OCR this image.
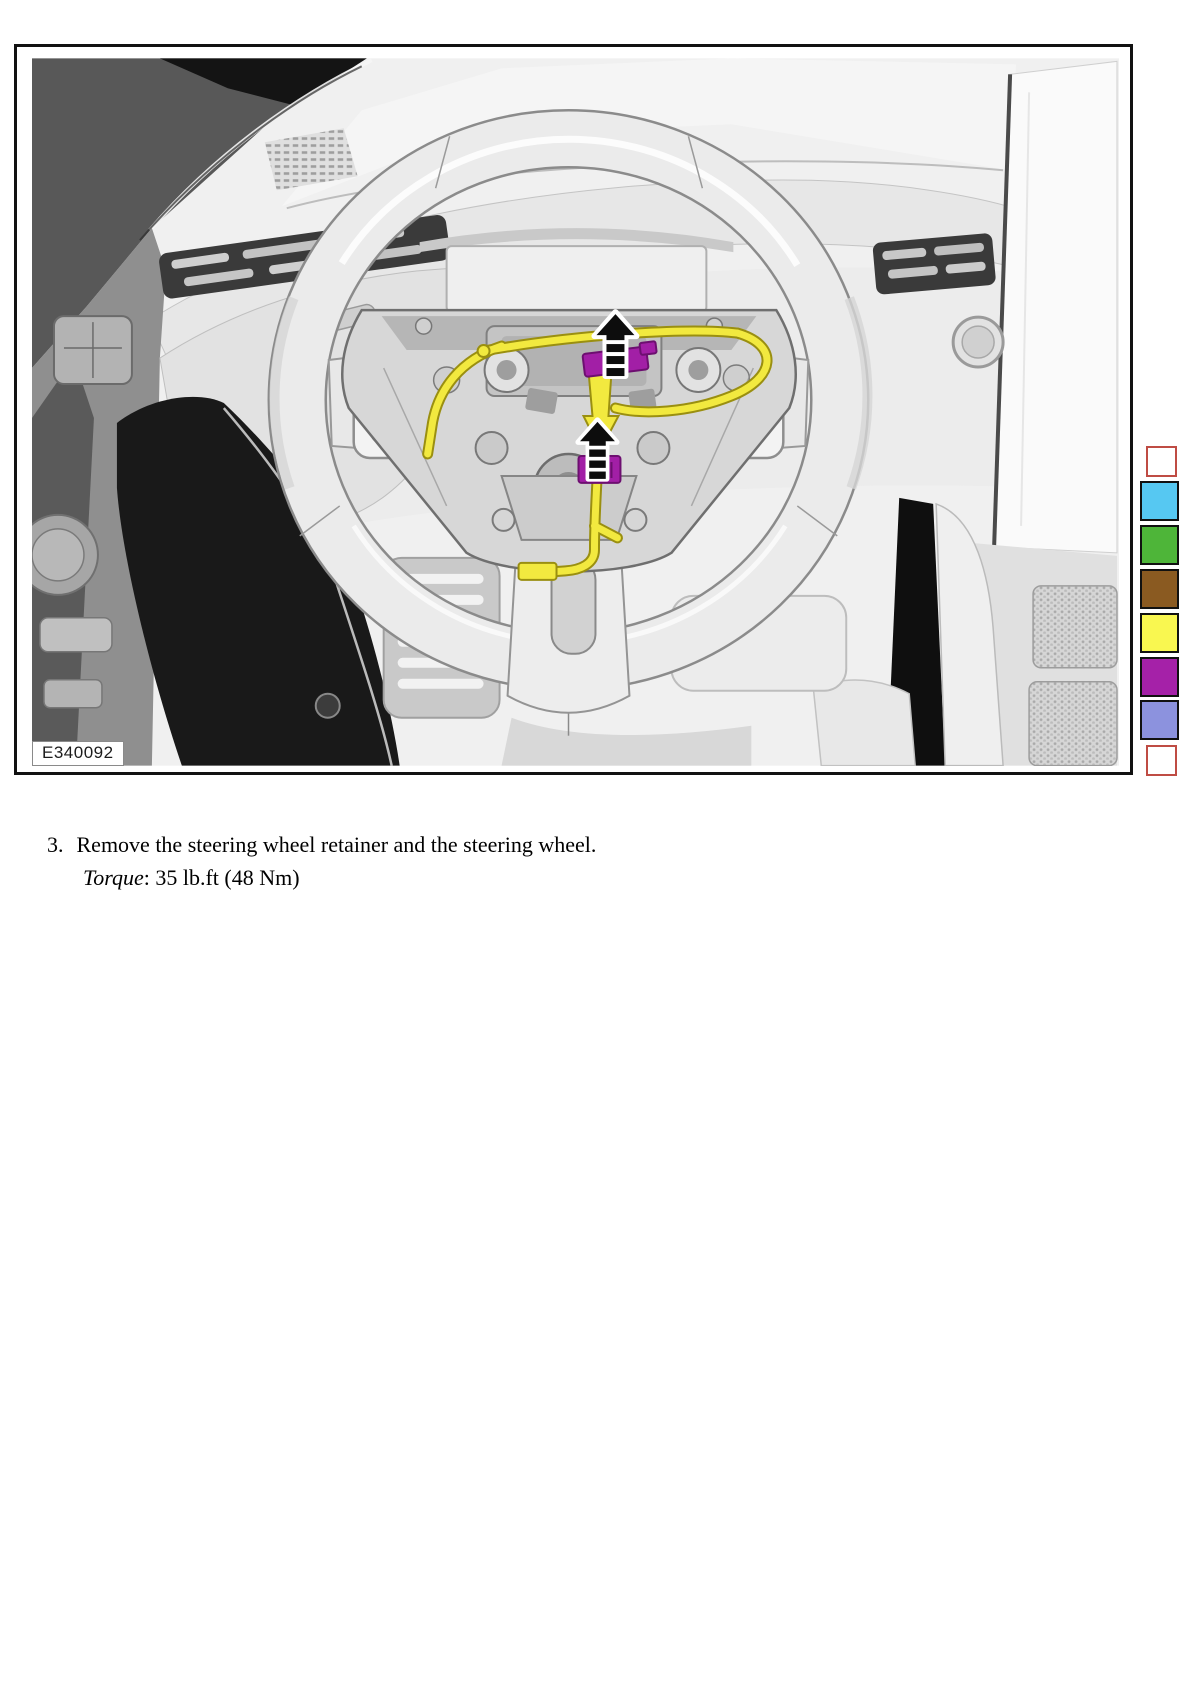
E340092
3. Remove the steering wheel retainer and the steering wheel.
Torque: 35 lb.ft (48 Nm)
